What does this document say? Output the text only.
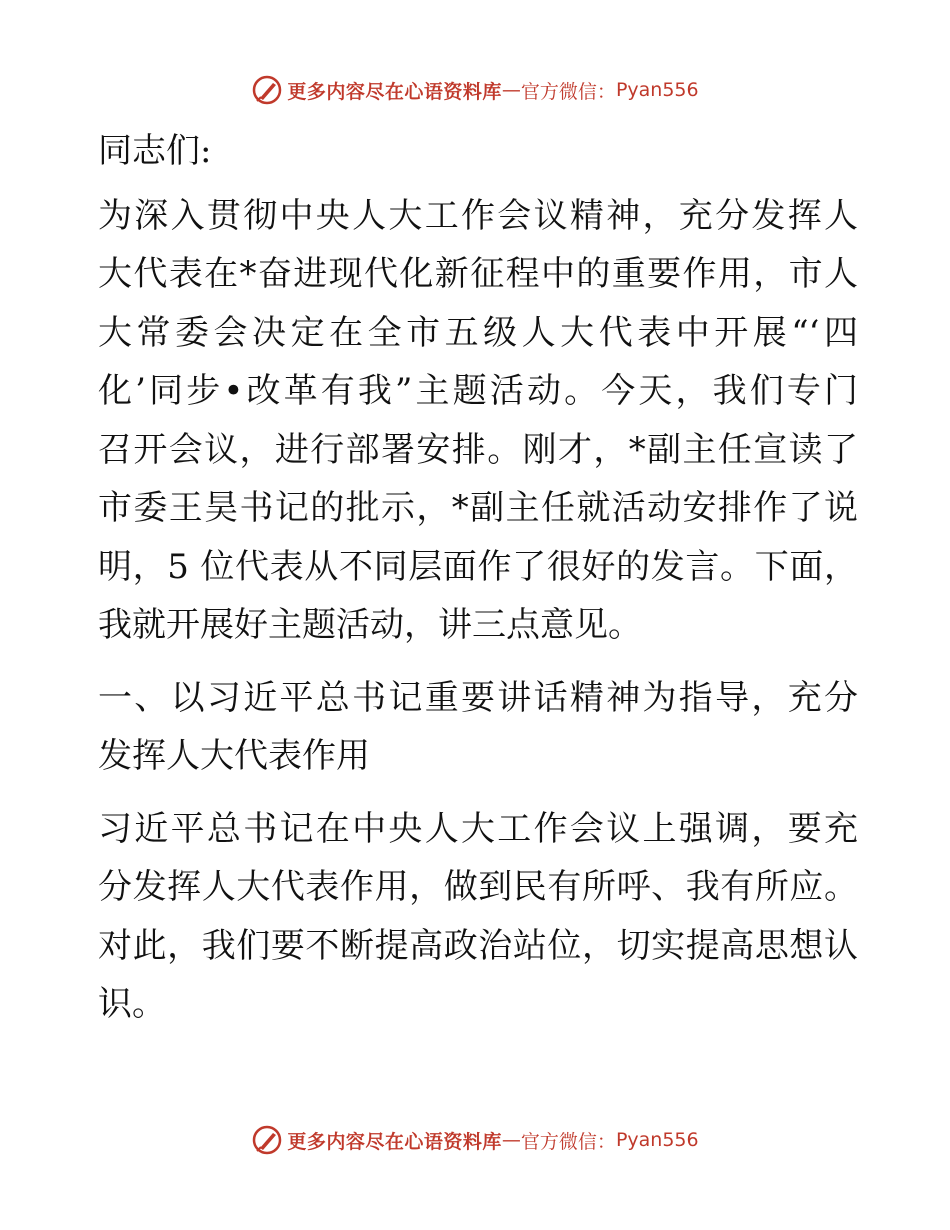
更多内容尽在心语资料库 — 官方微信： Pyan556

同志们:

为深入贯彻中央人大工作会议精神，充分发挥人
大代表在*奋进现代化新征程中的重要作用，市人
大常委会决定在全市五级人大代表中开展“‘四
化’同步•改革有我”主题活动。今天，我们专门
召开会议，进行部署安排。刚才，*副主任宣读了
市委王昊书记的批示，*副主任就活动安排作了说
明，5 位代表从不同层面作了很好的发言。下面，
我就开展好主题活动，讲三点意见。

一、以习近平总书记重要讲话精神为指导，充分
发挥人大代表作用

习近平总书记在中央人大工作会议上强调，要充
分发挥人大代表作用，做到民有所呼、我有所应。
对此，我们要不断提高政治站位，切实提高思想认
识。

更多内容尽在心语资料库 — 官方微信： Pyan556
